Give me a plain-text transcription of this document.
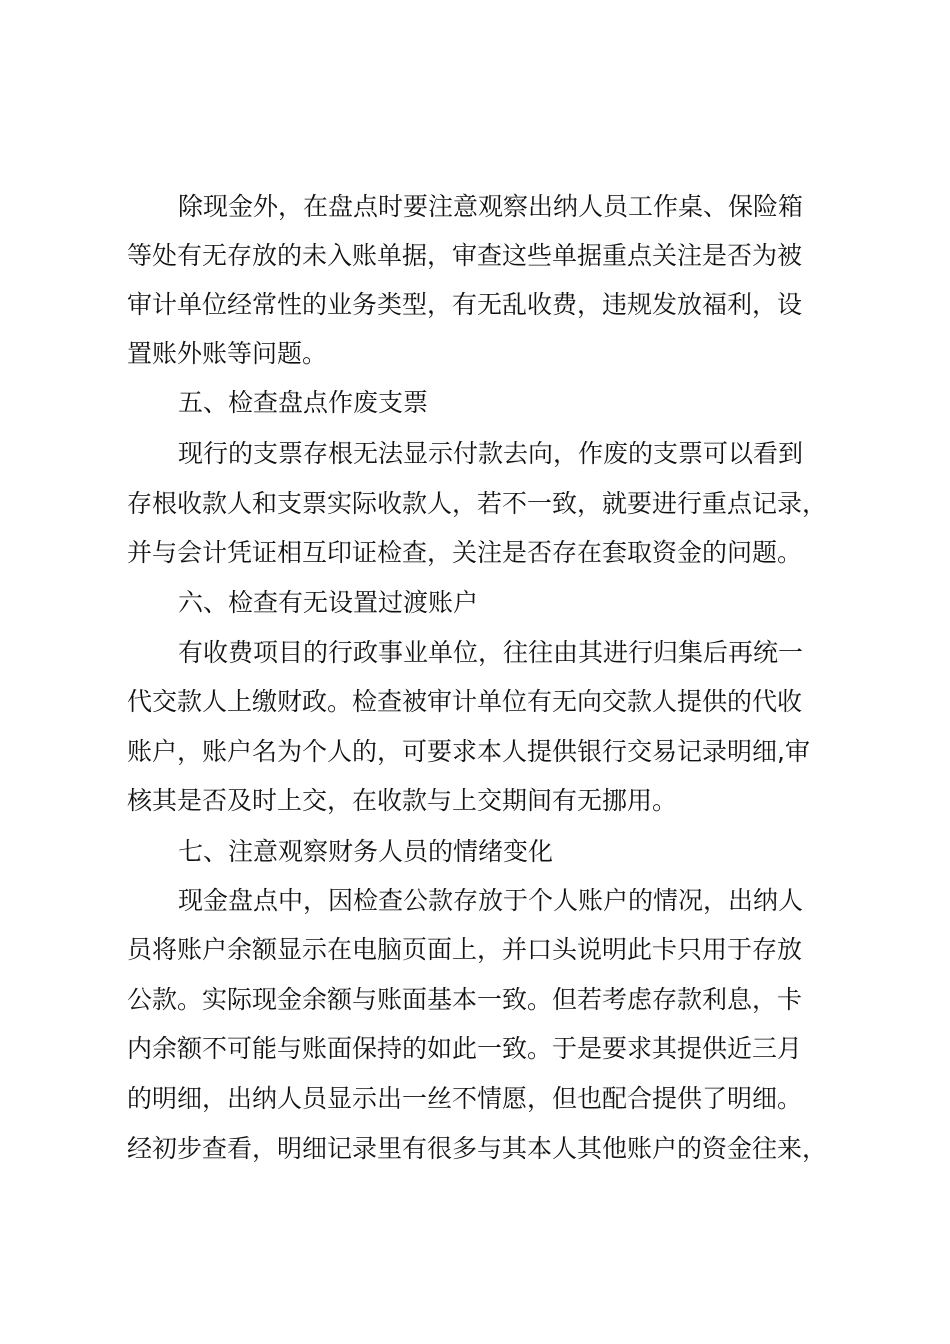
除现金外，在盘点时要注意观察出纳人员工作桌、保险箱
等处有无存放的未入账单据，审查这些单据重点关注是否为被
审计单位经常性的业务类型，有无乱收费，违规发放福利，设
置账外账等问题。
五、检查盘点作废支票
现行的支票存根无法显示付款去向，作废的支票可以看到
存根收款人和支票实际收款人，若不一致，就要进行重点记录，
并与会计凭证相互印证检查，关注是否存在套取资金的问题。
六、检查有无设置过渡账户
有收费项目的行政事业单位，往往由其进行归集后再统一
代交款人上缴财政。检查被审计单位有无向交款人提供的代收
账户，账户名为个人的，可要求本人提供银行交易记录明细,审
核其是否及时上交，在收款与上交期间有无挪用。
七、注意观察财务人员的情绪变化
现金盘点中，因检查公款存放于个人账户的情况，出纳人
员将账户余额显示在电脑页面上，并口头说明此卡只用于存放
公款。实际现金余额与账面基本一致。但若考虑存款利息，卡
内余额不可能与账面保持的如此一致。于是要求其提供近三月
的明细，出纳人员显示出一丝不情愿，但也配合提供了明细。
经初步查看，明细记录里有很多与其本人其他账户的资金往来，
